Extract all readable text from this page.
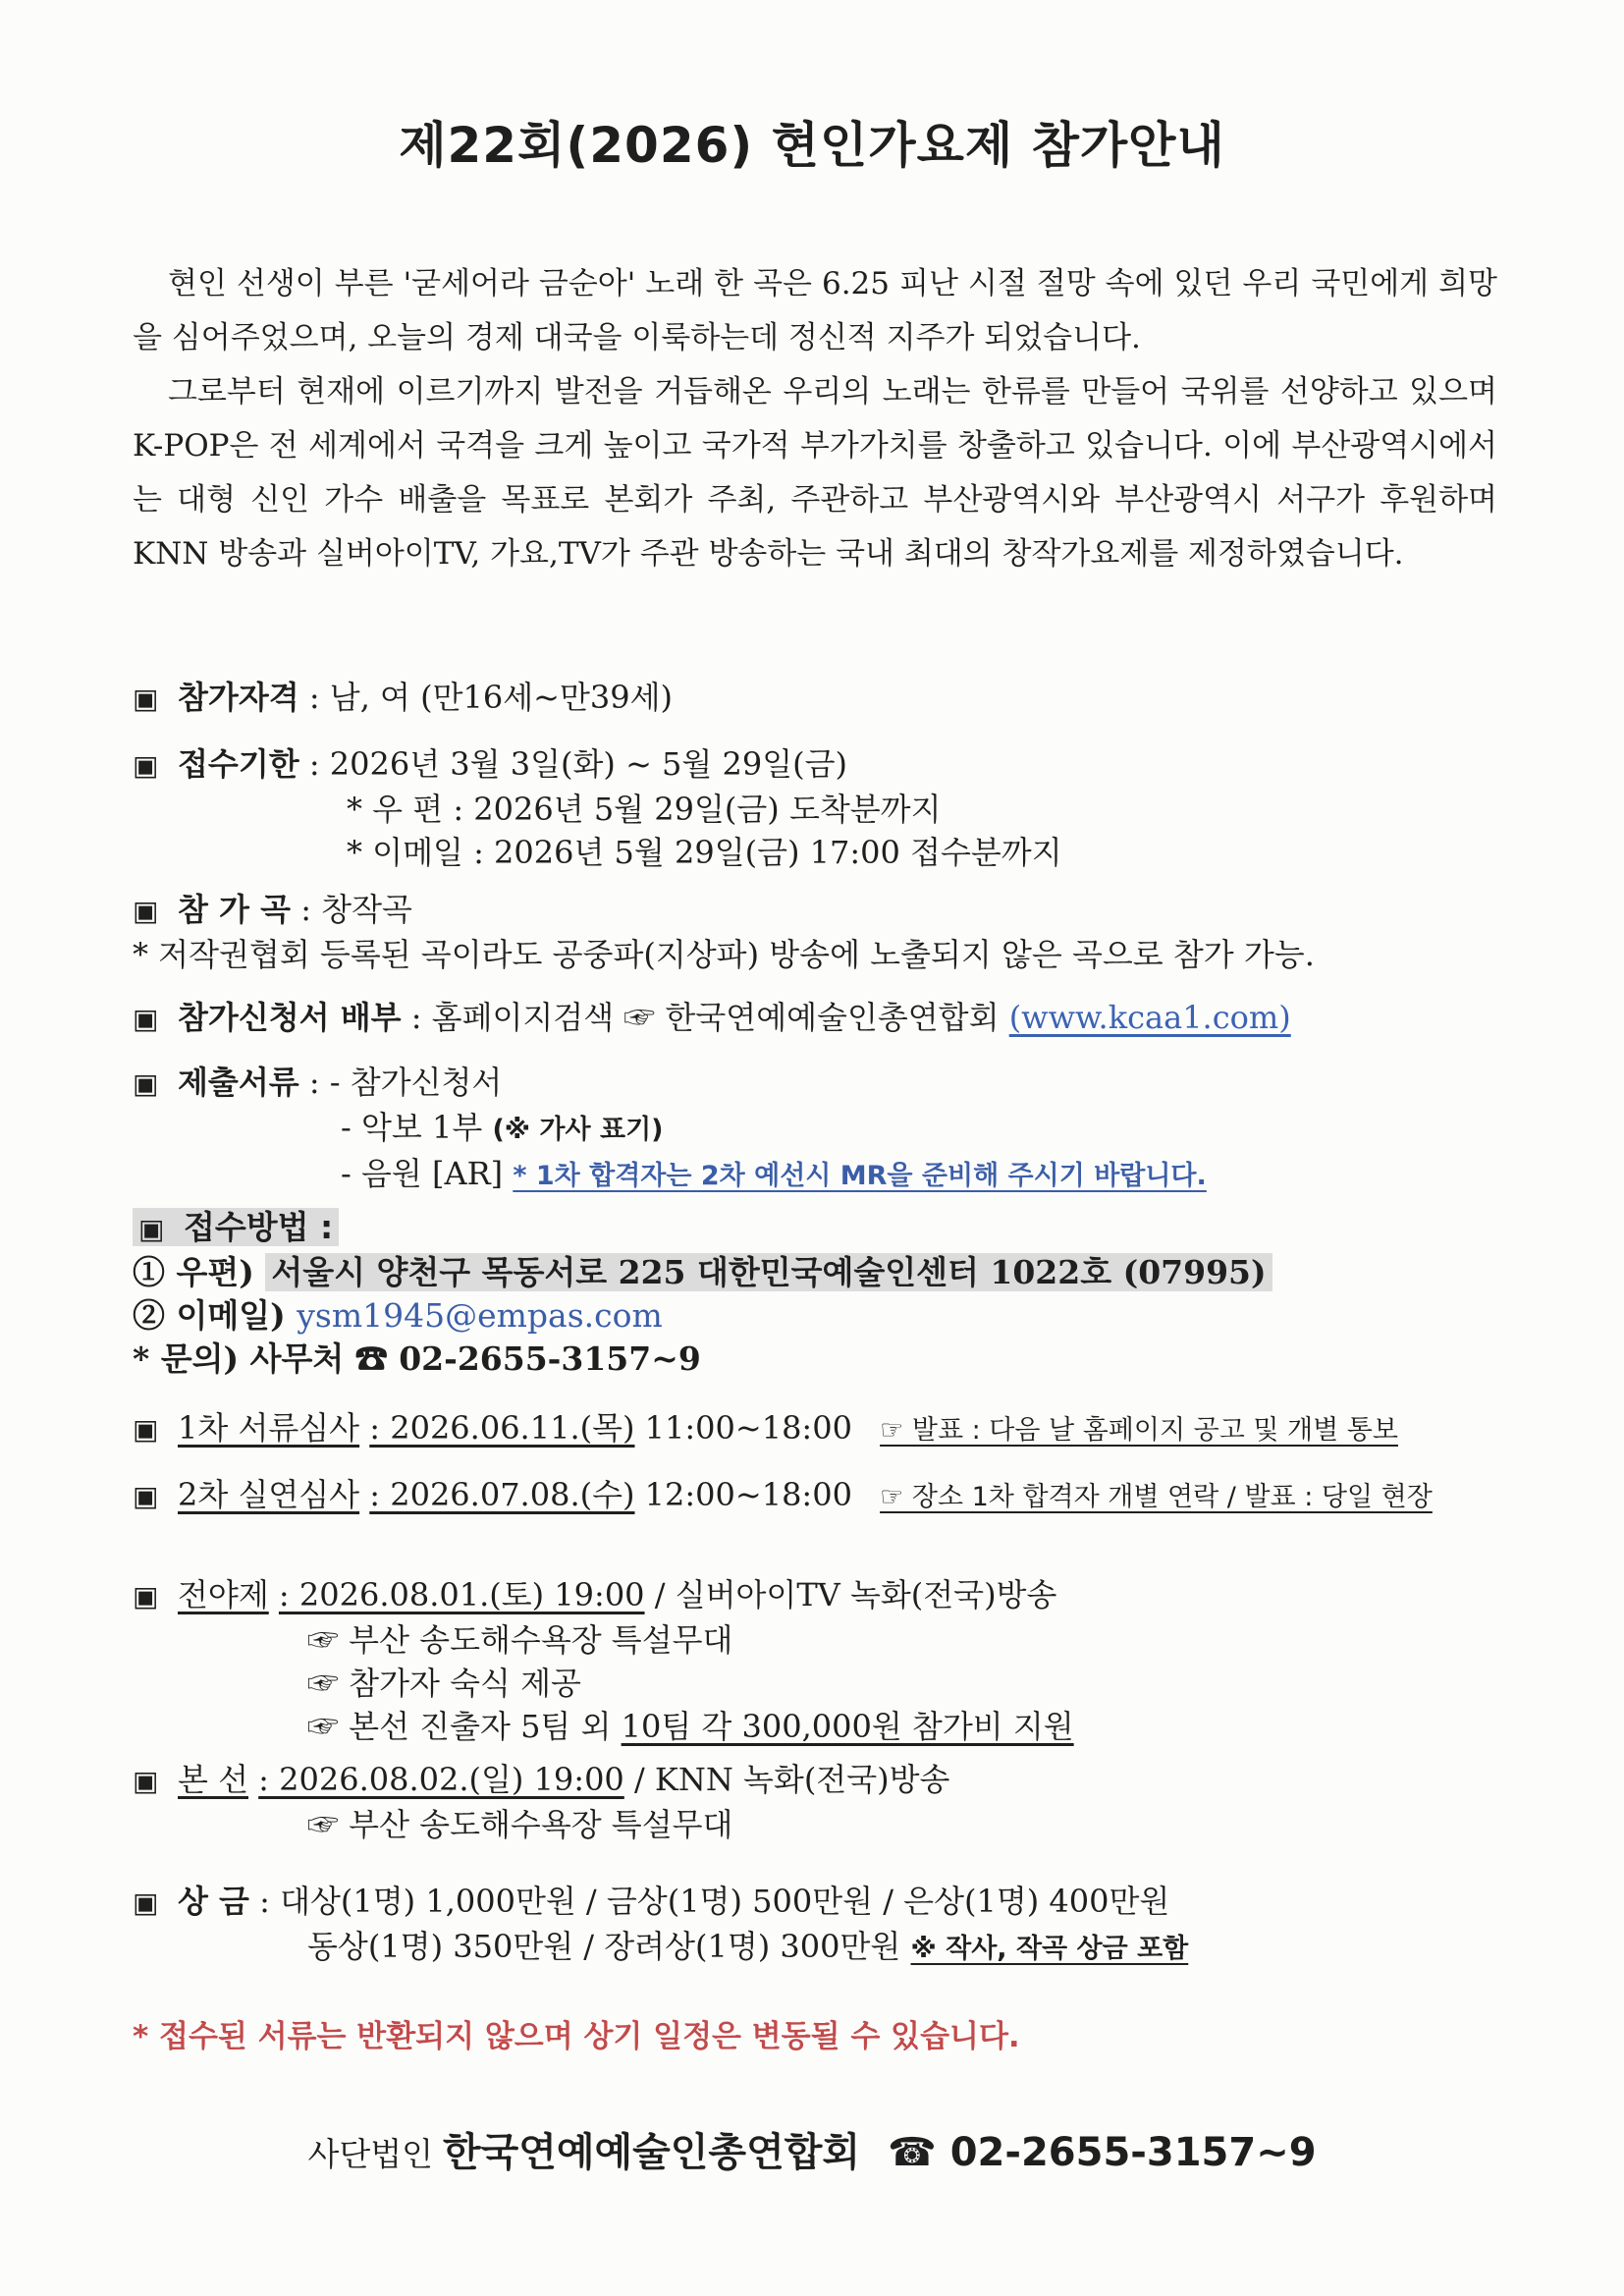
제22회(2026) 현인가요제 참가안내

현인 선생이 부른 '굳세어라 금순아' 노래 한 곡은 6.25 피난 시절 절망 속에 있던 우리 국민에게 희망을 심어주었으며, 오늘의 경제 대국을 이룩하는데 정신적 지주가 되었습니다.

그로부터 현재에 이르기까지 발전을 거듭해온 우리의 노래는 한류를 만들어 국위를 선양하고 있으며 K-POP은 전 세계에서 국격을 크게 높이고 국가적 부가가치를 창출하고 있습니다. 이에 부산광역시에서는 대형 신인 가수 배출을 목표로 본회가 주최, 주관하고 부산광역시와 부산광역시 서구가 후원하며 KNN 방송과 실버아이TV, 가요,TV가 주관 방송하는 국내 최대의 창작가요제를 제정하였습니다.

▣ 참가자격 : 남, 여 (만16세~만39세)
▣ 접수기한 : 2026년 3월 3일(화) ~ 5월 29일(금)
* 우 편 : 2026년 5월 29일(금) 도착분까지
* 이메일 : 2026년 5월 29일(금) 17:00 접수분까지
▣ 참 가 곡 : 창작곡
* 저작권협회 등록된 곡이라도 공중파(지상파) 방송에 노출되지 않은 곡으로 참가 가능.
▣ 참가신청서 배부 : 홈페이지검색 ☞ 한국연예예술인총연합회 (www.kcaa1.com)
▣ 제출서류 : - 참가신청서
- 악보 1부 (※ 가사 표기)
- 음원 [AR] * 1차 합격자는 2차 예선시 MR을 준비해 주시기 바랍니다.
▣ 접수방법 :
① 우편) 서울시 양천구 목동서로 225 대한민국예술인센터 1022호 (07995)
② 이메일) ysm1945@empas.com
* 문의) 사무처 ☎ 02-2655-3157~9
▣ 1차 서류심사 : 2026.06.11.(목) 11:00~18:00 ☞ 발표 : 다음 날 홈페이지 공고 및 개별 통보
▣ 2차 실연심사 : 2026.07.08.(수) 12:00~18:00 ☞ 장소 1차 합격자 개별 연락 / 발표 : 당일 현장
▣ 전야제 : 2026.08.01.(토) 19:00 / 실버아이TV 녹화(전국)방송
☞ 부산 송도해수욕장 특설무대
☞ 참가자 숙식 제공
☞ 본선 진출자 5팀 외 10팀 각 300,000원 참가비 지원
▣ 본 선 : 2026.08.02.(일) 19:00 / KNN 녹화(전국)방송
☞ 부산 송도해수욕장 특설무대
▣ 상 금 : 대상(1명) 1,000만원 / 금상(1명) 500만원 / 은상(1명) 400만원
동상(1명) 350만원 / 장려상(1명) 300만원 ※ 작사, 작곡 상금 포함
* 접수된 서류는 반환되지 않으며 상기 일정은 변동될 수 있습니다.
사단법인 한국연예예술인총연합회 ☎ 02-2655-3157~9
